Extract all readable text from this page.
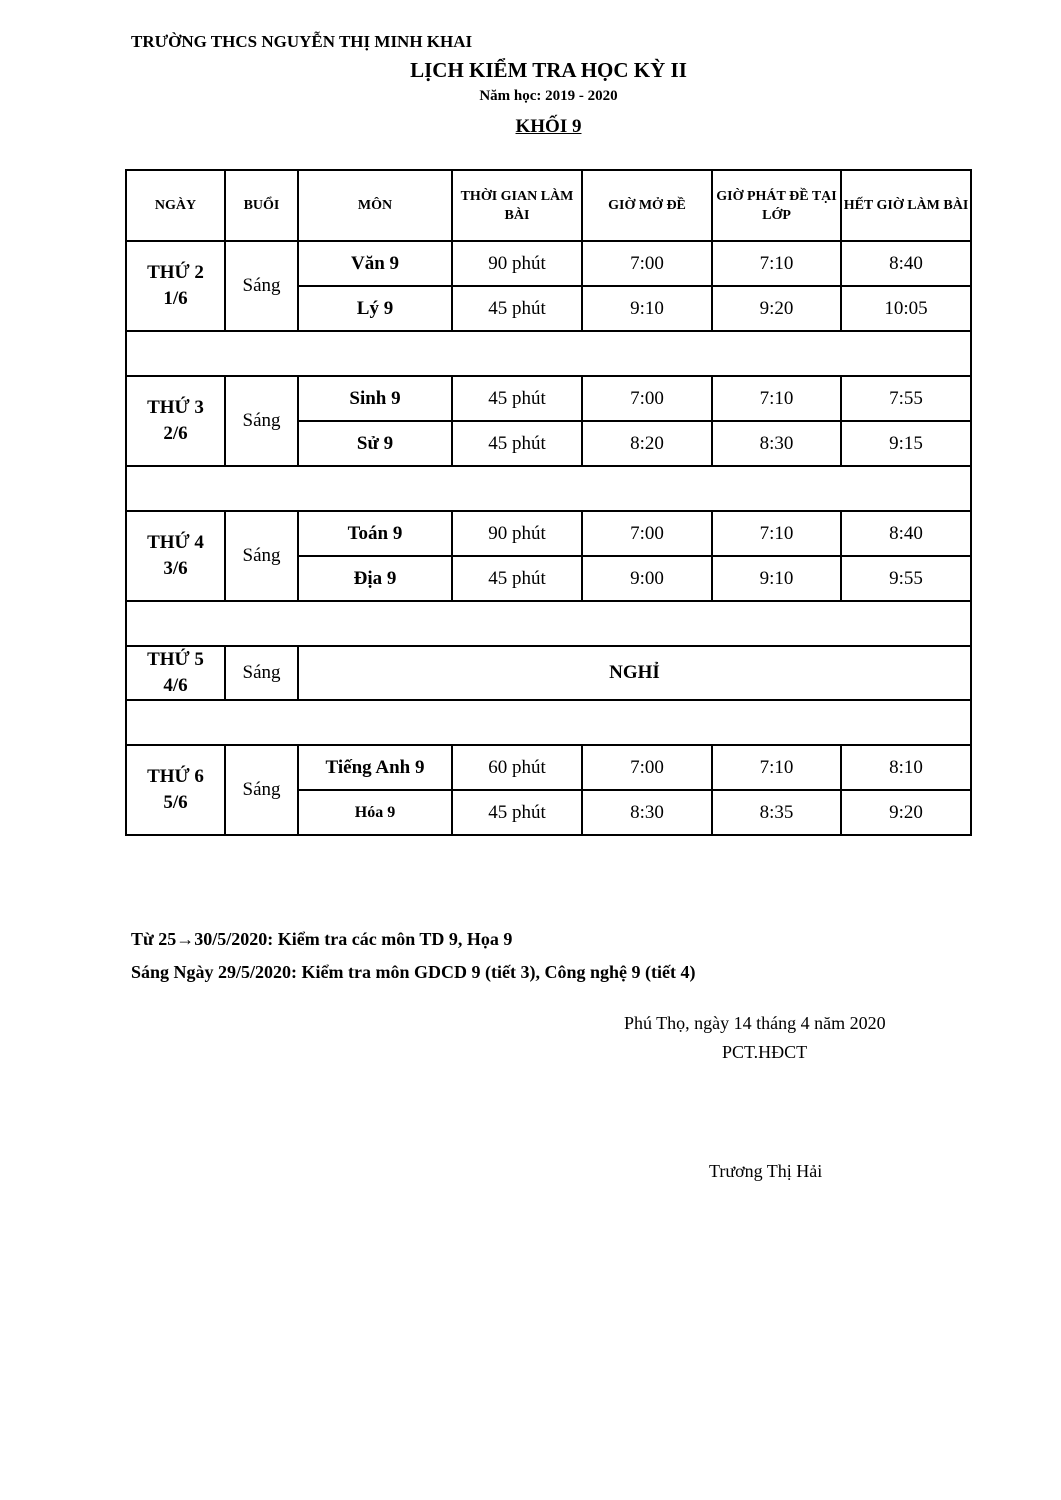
TRƯỜNG THCS NGUYỄN THỊ MINH KHAI
LỊCH KIỂM TRA HỌC KỲ II
Năm học: 2019 - 2020
KHỐI 9
NGÀY	BUỔI	MÔN	THỜI GIAN LÀM BÀI	GIỜ MỞ ĐỀ	GIỜ PHÁT ĐỀ TẠI LỚP	HẾT GIỜ LÀM BÀI

THỨ 2
1/6	Sáng	Văn 9	90 phút	7:00	7:10	8:40
		Lý 9	45 phút	9:10	9:20	10:05

THỨ 3
2/6	Sáng	Sinh 9	45 phút	7:00	7:10	7:55
		Sử 9	45 phút	8:20	8:30	9:15

THỨ 4
3/6	Sáng	Toán 9	90 phút	7:00	7:10	8:40
		Địa 9	45 phút	9:00	9:10	9:55

THỨ 5
4/6	Sáng	NGHỈ				

THỨ 6
5/6	Sáng	Tiếng Anh 9	60 phút	7:00	7:10	8:10
		Hóa 9	45 phút	8:30	8:35	9:20
Từ 25→30/5/2020: Kiểm tra các môn TD 9, Họa 9
Sáng Ngày 29/5/2020: Kiểm tra môn GDCD 9 (tiết 3), Công nghệ 9 (tiết 4)
Phú Thọ, ngày 14 tháng 4 năm 2020
PCT.HĐCT
Trương Thị Hải
